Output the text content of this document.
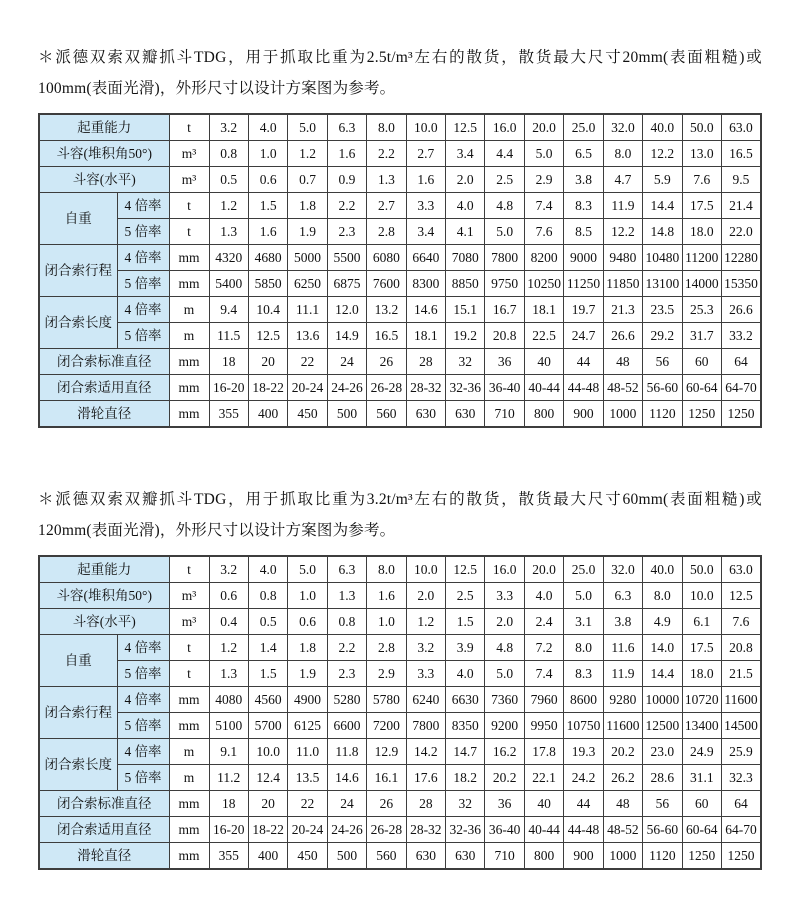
＊派德双索双瓣抓斗TDG，用于抓取比重为2.5t/m³左右的散货，散货最大尺寸20mm(表面粗糙)或100mm(表面光滑)，外形尺寸以设计方案图为参考。

起重能力		t	3.2	4.0	5.0	6.3	8.0	10.0	12.5	16.0	20.0	25.0	32.0	40.0	50.0	63.0
斗容(堆积角50°)		m³	0.8	1.0	1.2	1.6	2.2	2.7	3.4	4.4	5.0	6.5	8.0	12.2	13.0	16.5
斗容(水平)		m³	0.5	0.6	0.7	0.9	1.3	1.6	2.0	2.5	2.9	3.8	4.7	5.9	7.6	9.5
自重	4 倍率	t	1.2	1.5	1.8	2.2	2.7	3.3	4.0	4.8	7.4	8.3	11.9	14.4	17.5	21.4
	5 倍率	t	1.3	1.6	1.9	2.3	2.8	3.4	4.1	5.0	7.6	8.5	12.2	14.8	18.0	22.0
闭合索行程	4 倍率	mm	4320	4680	5000	5500	6080	6640	7080	7800	8200	9000	9480	10480	11200	12280
	5 倍率	mm	5400	5850	6250	6875	7600	8300	8850	9750	10250	11250	11850	13100	14000	15350
闭合索长度	4 倍率	m	9.4	10.4	11.1	12.0	13.2	14.6	15.1	16.7	18.1	19.7	21.3	23.5	25.3	26.6
	5 倍率	m	11.5	12.5	13.6	14.9	16.5	18.1	19.2	20.8	22.5	24.7	26.6	29.2	31.7	33.2
闭合索标准直径		mm	18	20	22	24	26	28	32	36	40	44	48	56	60	64
闭合索适用直径		mm	16-20	18-22	20-24	24-26	26-28	28-32	32-36	36-40	40-44	44-48	48-52	56-60	60-64	64-70
滑轮直径		mm	355	400	450	500	560	630	630	710	800	900	1000	1120	1250	1250

＊派德双索双瓣抓斗TDG，用于抓取比重为3.2t/m³左右的散货，散货最大尺寸60mm(表面粗糙)或120mm(表面光滑)，外形尺寸以设计方案图为参考。

起重能力		t	3.2	4.0	5.0	6.3	8.0	10.0	12.5	16.0	20.0	25.0	32.0	40.0	50.0	63.0
斗容(堆积角50°)		m³	0.6	0.8	1.0	1.3	1.6	2.0	2.5	3.3	4.0	5.0	6.3	8.0	10.0	12.5
斗容(水平)		m³	0.4	0.5	0.6	0.8	1.0	1.2	1.5	2.0	2.4	3.1	3.8	4.9	6.1	7.6
自重	4 倍率	t	1.2	1.4	1.8	2.2	2.8	3.2	3.9	4.8	7.2	8.0	11.6	14.0	17.5	20.8
	5 倍率	t	1.3	1.5	1.9	2.3	2.9	3.3	4.0	5.0	7.4	8.3	11.9	14.4	18.0	21.5
闭合索行程	4 倍率	mm	4080	4560	4900	5280	5780	6240	6630	7360	7960	8600	9280	10000	10720	11600
	5 倍率	mm	5100	5700	6125	6600	7200	7800	8350	9200	9950	10750	11600	12500	13400	14500
闭合索长度	4 倍率	m	9.1	10.0	11.0	11.8	12.9	14.2	14.7	16.2	17.8	19.3	20.2	23.0	24.9	25.9
	5 倍率	m	11.2	12.4	13.5	14.6	16.1	17.6	18.2	20.2	22.1	24.2	26.2	28.6	31.1	32.3
闭合索标准直径		mm	18	20	22	24	26	28	32	36	40	44	48	56	60	64
闭合索适用直径		mm	16-20	18-22	20-24	24-26	26-28	28-32	32-36	36-40	40-44	44-48	48-52	56-60	60-64	64-70
滑轮直径		mm	355	400	450	500	560	630	630	710	800	900	1000	1120	1250	1250
